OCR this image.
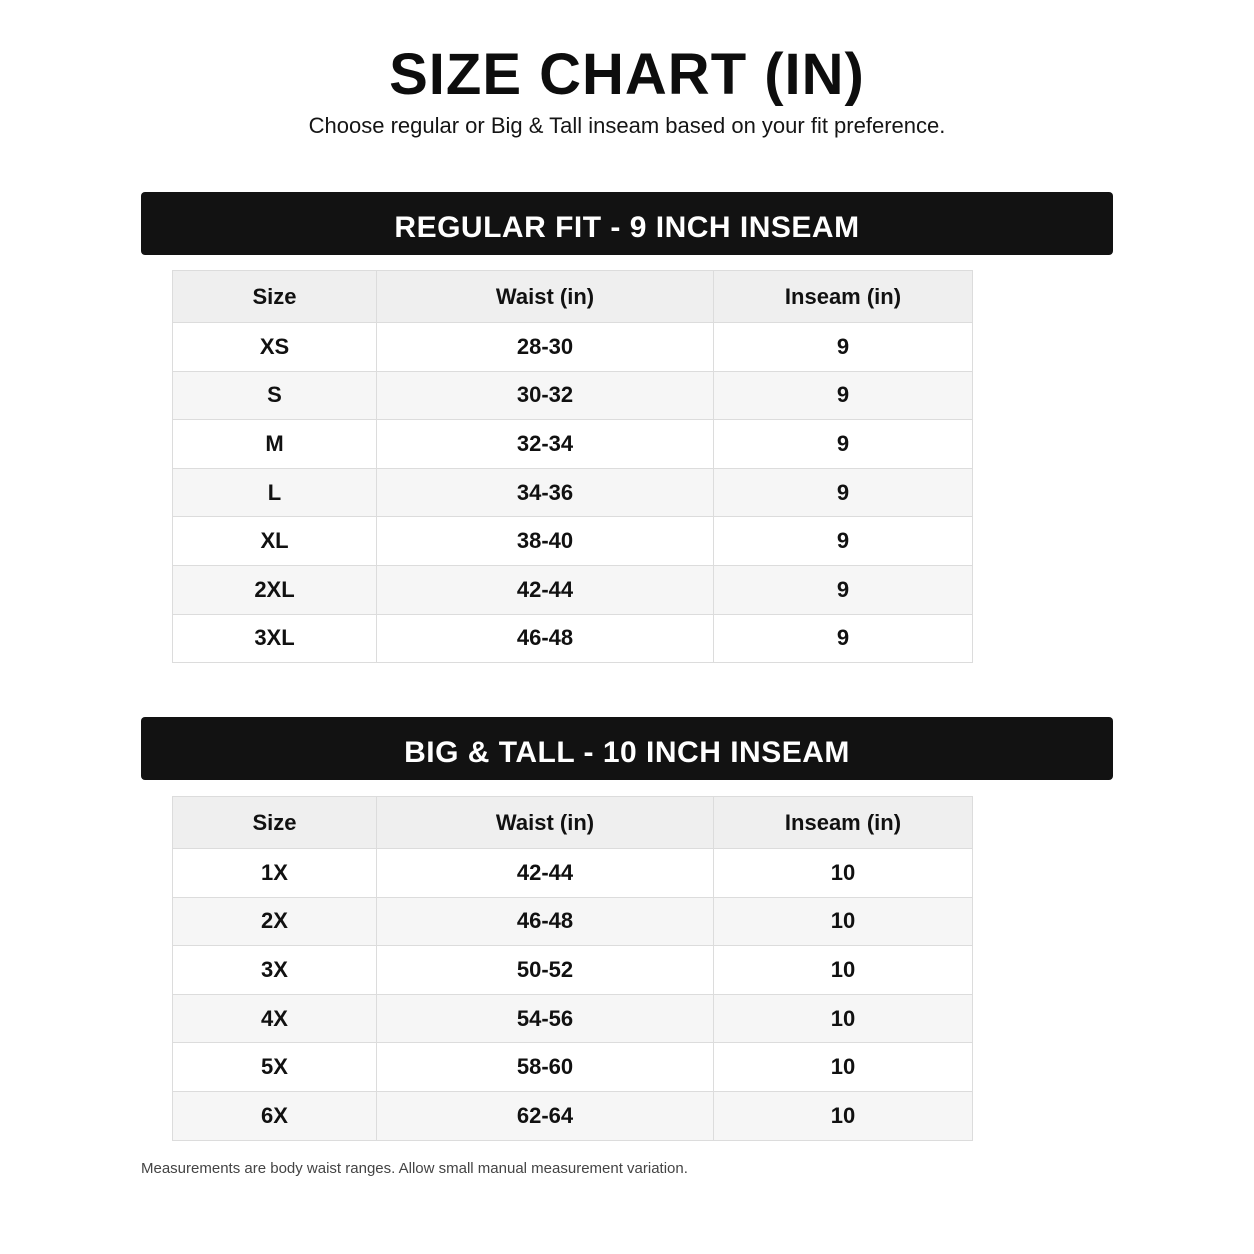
SIZE CHART (IN)
Choose regular or Big & Tall inseam based on your fit preference.
REGULAR FIT - 9 INCH INSEAM
Size	Waist (in)	Inseam (in)
XS	28-30	9
S	30-32	9
M	32-34	9
L	34-36	9
XL	38-40	9
2XL	42-44	9
3XL	46-48	9
BIG & TALL - 10 INCH INSEAM
Size	Waist (in)	Inseam (in)
1X	42-44	10
2X	46-48	10
3X	50-52	10
4X	54-56	10
5X	58-60	10
6X	62-64	10
Measurements are body waist ranges. Allow small manual measurement variation.
